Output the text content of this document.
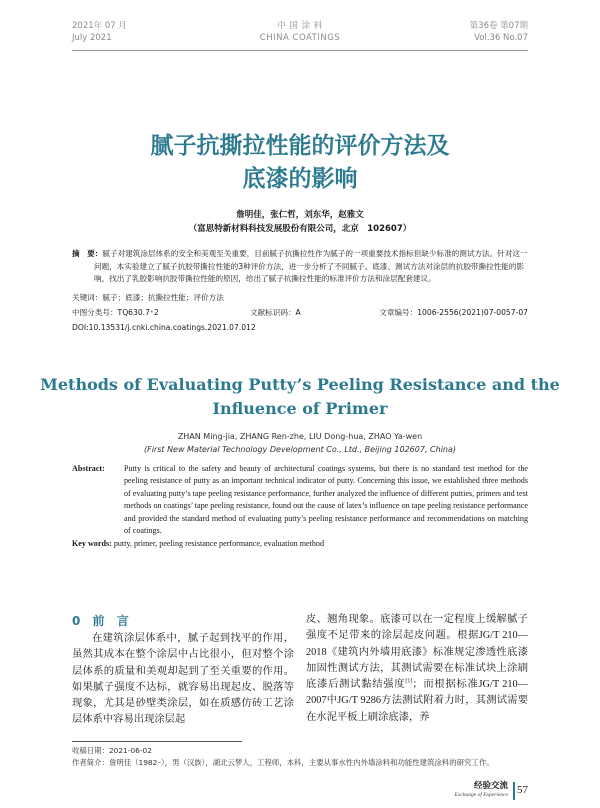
2021年 07 月
July 2021
中 国 涂 料
CHINA COATINGS
第36卷 第07期
Vol.36 No.07
腻子抗撕拉性能的评价方法及
底漆的影响
詹明佳，张仁哲，刘东华，赵雅文
（富思特新材料科技发展股份有限公司，北京　102607）
摘　要：腻子对建筑涂层体系的安全和美观至关重要，目前腻子抗撕拉性作为腻子的一项重要技术指标但缺少标准的测试方法。针对这一问题，本实验建立了腻子抗胶带撕拉性能的3种评价方法，进一步分析了不同腻子、底漆、测试方法对涂层的抗胶带撕拉性能的影响，找出了乳胶影响抗胶带撕拉性能的原因，给出了腻子抗撕拉性能的标准评价方法和涂层配套建议。
关键词：腻子；底漆；抗撕拉性能；评价方法
中图分类号：TQ630.7⁺2	文献标识码：A	文章编号：1006-2556(2021)07-0057-07
DOI:10.13531/j.cnki.china.coatings.2021.07.012
Methods of Evaluating Putty’s Peeling Resistance and the
Influence of Primer
ZHAN Ming-jia, ZHANG Ren-zhe, LIU Dong-hua, ZHAO Ya-wen
(First New Material Technology Development Co., Ltd., Beijing 102607, China)
Abstract: Putty is critical to the safety and beauty of architectural coatings systems, but there is no standard test method for the peeling resistance of putty as an important technical indicator of putty. Concerning this issue, we established three methods of evaluating putty’s tape peeling resistance performance, further analyzed the influence of different putties, primers and test methods on coatings’ tape peeling resistance, found out the cause of latex’s influence on tape peeling resistance performance and provided the standard method of evaluating putty’s peeling resistance performance and recommendations on matching of coatings.
Key words: putty, primer, peeling resistance performance, evaluation method
0 前 言
在建筑涂层体系中，腻子起到找平的作用，虽然其成本在整个涂层中占比很小，但对整个涂层体系的质量和美观却起到了至关重要的作用。如果腻子强度不达标，就容易出现起皮、脱落等现象，尤其是砂壁类涂层，如在质感仿砖工艺涂层体系中容易出现涂层起
皮、翘角现象。底漆可以在一定程度上缓解腻子强度不足带来的涂层起皮问题。根据JG/T 210—2018《建筑内外墙用底漆》标准规定渗透性底漆加固性测试方法，其测试需要在标准试块上涂刷底漆后测试黏结强度[1]；而根据标准JG/T 210—2007中JG/T 9286方法测试附着力时，其测试需要在水泥平板上刷涂底漆，养
收稿日期：2021-06-02
作者简介：詹明佳（1982–），男（汉族），湖北云梦人，工程师，本科，主要从事水性内外墙涂料和功能性建筑涂料的研究工作。
经验交流
Exchange of Experience 57
